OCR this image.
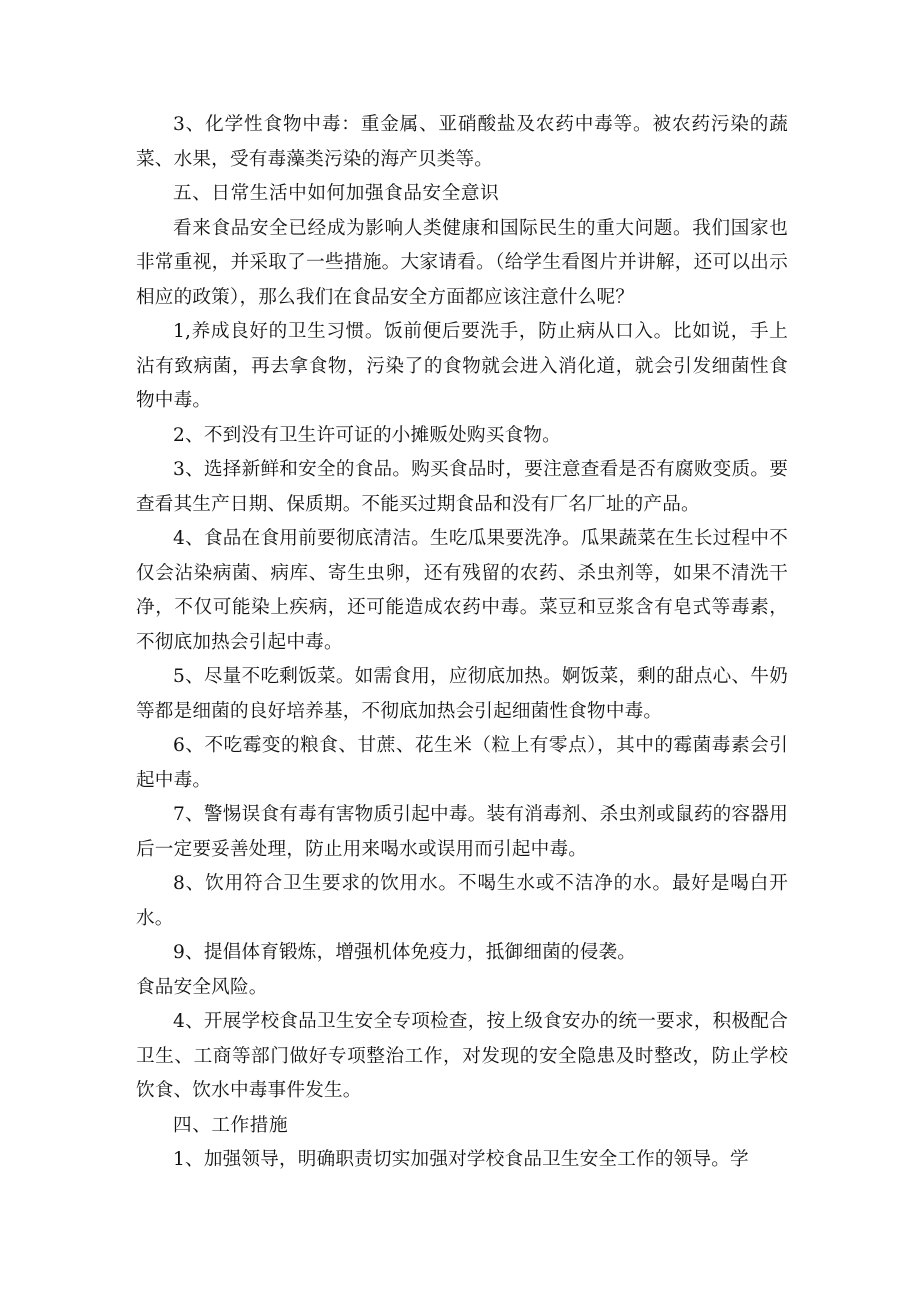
3、化学性食物中毒：重金属、亚硝酸盐及农药中毒等。被农药污染的蔬菜、水果，受有毒藻类污染的海产贝类等。

五、日常生活中如何加强食品安全意识

看来食品安全已经成为影响人类健康和国际民生的重大问题。我们国家也非常重视，并采取了一些措施。大家请看。（给学生看图片并讲解，还可以出示相应的政策），那么我们在食品安全方面都应该注意什么呢？

1,养成良好的卫生习惯。饭前便后要洗手，防止病从口入。比如说，手上沾有致病菌，再去拿食物，污染了的食物就会进入消化道，就会引发细菌性食物中毒。

2、不到没有卫生许可证的小摊贩处购买食物。

3、选择新鲜和安全的食品。购买食品时，要注意查看是否有腐败变质。要查看其生产日期、保质期。不能买过期食品和没有厂名厂址的产品。

4、食品在食用前要彻底清洁。生吃瓜果要洗净。瓜果蔬菜在生长过程中不仅会沾染病菌、病库、寄生虫卵，还有残留的农药、杀虫剂等，如果不清洗干净，不仅可能染上疾病，还可能造成农药中毒。菜豆和豆浆含有皂式等毒素，不彻底加热会引起中毒。

5、尽量不吃剩饭菜。如需食用，应彻底加热。婀饭菜，剩的甜点心、牛奶等都是细菌的良好培养基，不彻底加热会引起细菌性食物中毒。

6、不吃霉变的粮食、甘蔗、花生米（粒上有零点），其中的霉菌毒素会引起中毒。

7、警惕误食有毒有害物质引起中毒。装有消毒剂、杀虫剂或鼠药的容器用后一定要妥善处理，防止用来喝水或误用而引起中毒。

8、饮用符合卫生要求的饮用水。不喝生水或不洁净的水。最好是喝白开水。

9、提倡体育锻炼，增强机体免疫力，抵御细菌的侵袭。

食品安全风险。

4、开展学校食品卫生安全专项检查，按上级食安办的统一要求，积极配合卫生、工商等部门做好专项整治工作，对发现的安全隐患及时整改，防止学校饮食、饮水中毒事件发生。

四、工作措施

1、加强领导，明确职责切实加强对学校食品卫生安全工作的领导。学
